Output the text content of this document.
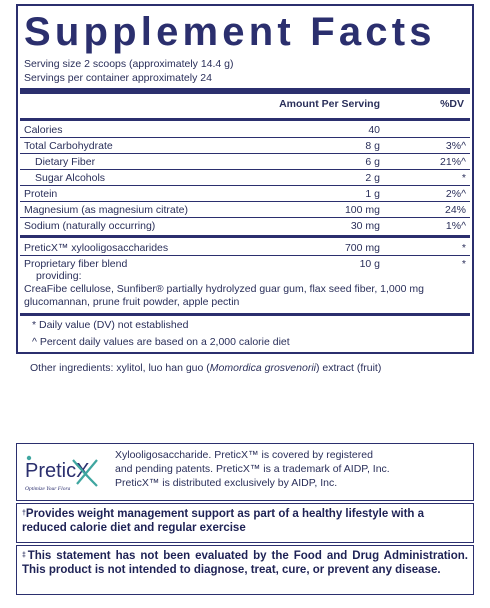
Supplement Facts
Serving size 2 scoops (approximately 14.4 g)
Servings per container approximately 24
Amount Per Serving	%DV
Calories	40
Total Carbohydrate	8 g	3%^
Dietary Fiber	6 g	21%^
Sugar Alcohols	2 g	*
Protein	1 g	2%^
Magnesium (as magnesium citrate)	100 mg	24%
Sodium (naturally occurring)	30 mg	1%^
PreticX™ xylooligosaccharides	700 mg	*
Proprietary fiber blend	10 g	*
providing:
CreaFibe cellulose, Sunfiber® partially hydrolyzed guar gum, flax seed fiber, 1,000 mg
glucomannan, prune fruit powder, apple pectin
* Daily value (DV) not established
^ Percent daily values are based on a 2,000 calorie diet
Other ingredients: xylitol, luo han guo (Momordica grosvenorii) extract (fruit)
PreticX
Optimize Your Flora
Xylooligosaccharide. PreticX™ is covered by registered
and pending patents. PreticX™ is a trademark of AIDP, Inc.
PreticX™ is distributed exclusively by AIDP, Inc.
†Provides weight management support as part of a healthy lifestyle with a reduced calorie diet and regular exercise
‡This statement has not been evaluated by the Food and Drug Administration. This product is not intended to diagnose, treat, cure, or prevent any disease.
